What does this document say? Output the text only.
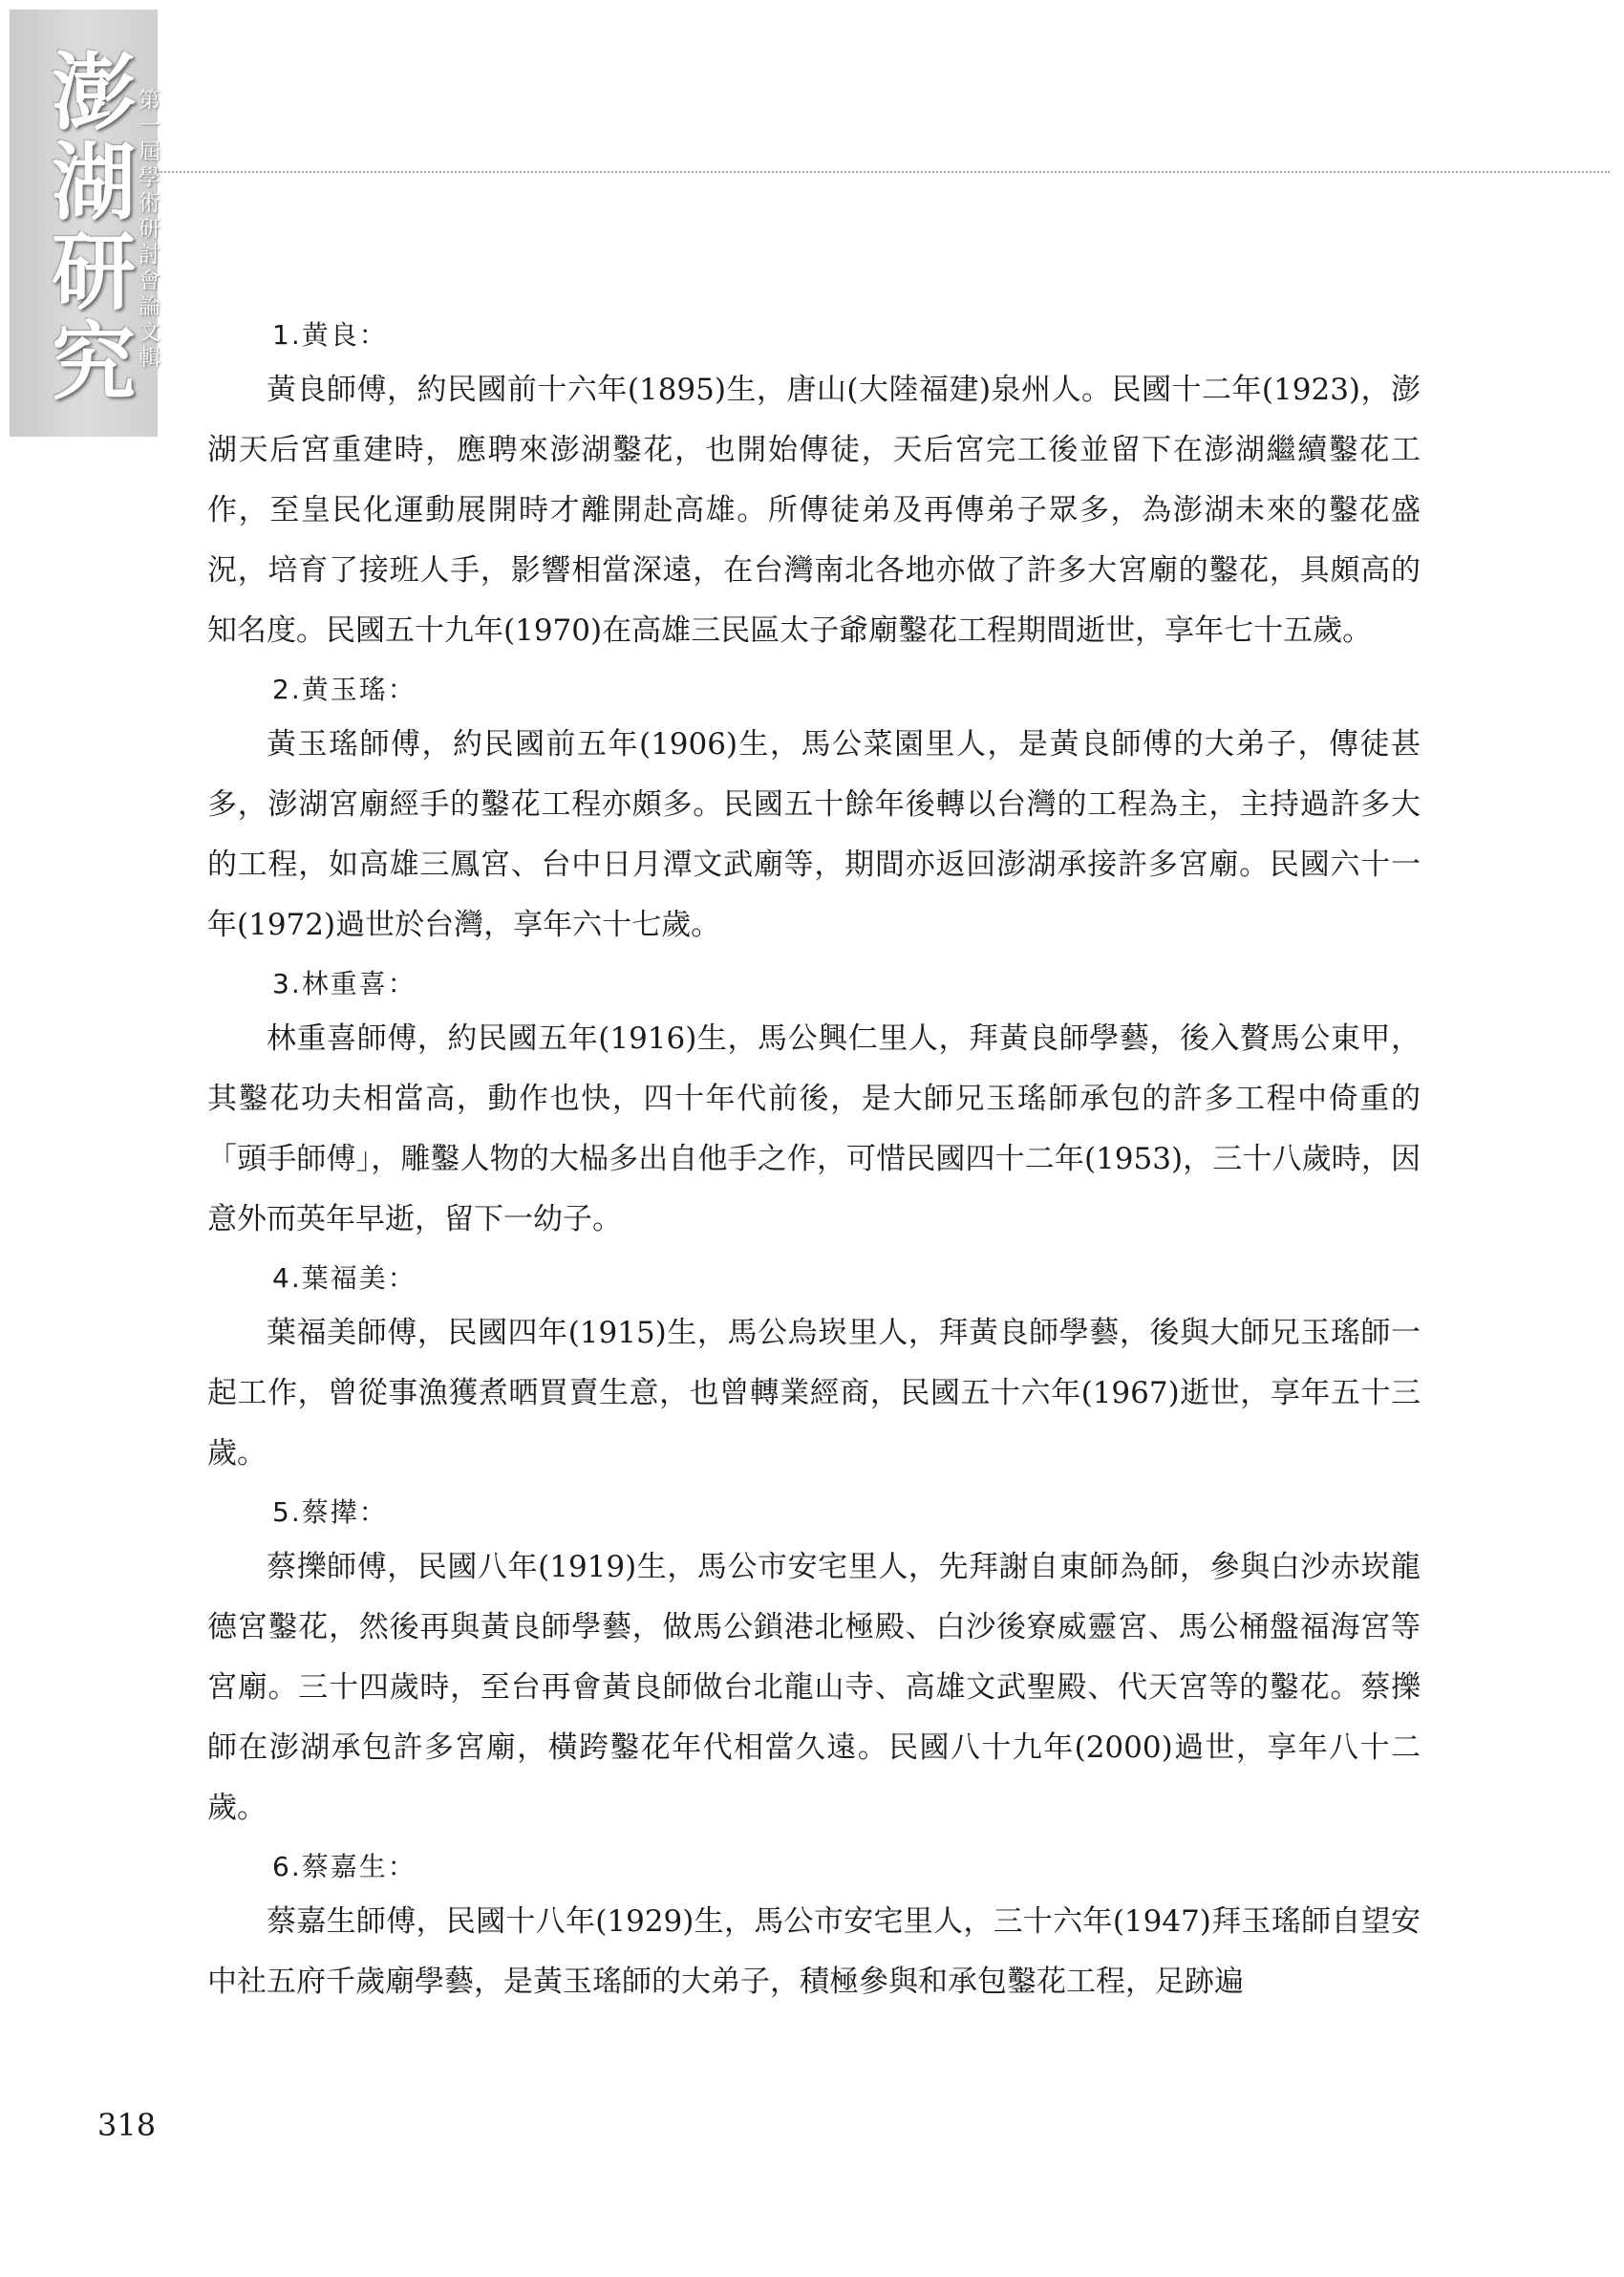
澎湖研究
第一屆學術研討會論文輯	1.黄良：

黃良師傅，約民國前十六年(1895)生，唐山(大陸福建)泉州人。民國十二年(1923)，澎湖天后宮重建時，應聘來澎湖鑿花，也開始傳徒，天后宮完工後並留下在澎湖繼續鑿花工作，至皇民化運動展開時才離開赴高雄。所傳徒弟及再傳弟子眾多，為澎湖未來的鑿花盛況，培育了接班人手，影響相當深遠，在台灣南北各地亦做了許多大宮廟的鑿花，具頗高的知名度。民國五十九年(1970)在高雄三民區太子爺廟鑿花工程期間逝世，享年七十五歲。

2.黄玉瑤：

黃玉瑤師傅，約民國前五年(1906)生，馬公菜園里人，是黃良師傅的大弟子，傳徒甚多，澎湖宮廟經手的鑿花工程亦頗多。民國五十餘年後轉以台灣的工程為主，主持過許多大的工程，如高雄三鳳宮、台中日月潭文武廟等，期間亦返回澎湖承接許多宮廟。民國六十一年(1972)過世於台灣，享年六十七歲。

3.林重喜：

林重喜師傅，約民國五年(1916)生，馬公興仁里人，拜黃良師學藝，後入贅馬公東甲，其鑿花功夫相當高，動作也快，四十年代前後，是大師兄玉瑤師承包的許多工程中倚重的「頭手師傅」，雕鑿人物的大榀多出自他手之作，可惜民國四十二年(1953)，三十八歲時，因意外而英年早逝，留下一幼子。

4.葉福美：

葉福美師傅，民國四年(1915)生，馬公烏崁里人，拜黃良師學藝，後與大師兄玉瑤師一起工作，曾從事漁獲煮晒買賣生意，也曾轉業經商，民國五十六年(1967)逝世，享年五十三歲。

5.蔡撵：

蔡擽師傅，民國八年(1919)生，馬公市安宅里人，先拜謝自東師為師，參與白沙赤崁龍德宮鑿花，然後再與黃良師學藝，做馬公鎖港北極殿、白沙後寮威靈宮、馬公桶盤福海宮等宮廟。三十四歲時，至台再會黃良師做台北龍山寺、高雄文武聖殿、代天宮等的鑿花。蔡擽師在澎湖承包許多宮廟，橫跨鑿花年代相當久遠。民國八十九年(2000)過世，享年八十二歲。

6.蔡嘉生：

蔡嘉生師傅，民國十八年(1929)生，馬公市安宅里人，三十六年(1947)拜玉瑤師自望安中社五府千歲廟學藝，是黃玉瑤師的大弟子，積極參與和承包鑿花工程，足跡遍

318
